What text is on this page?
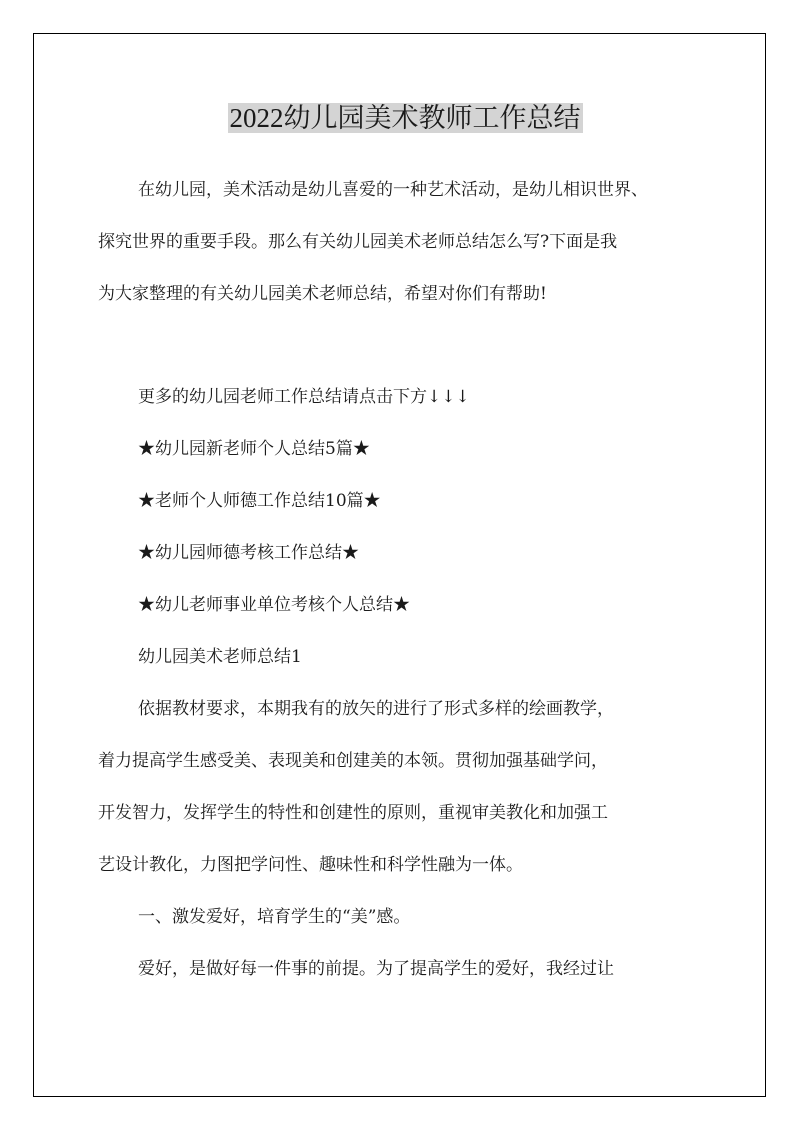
2022幼儿园美术教师工作总结
在幼儿园，美术活动是幼儿喜爱的一种艺术活动，是幼儿相识世界、
探究世界的重要手段。那么有关幼儿园美术老师总结怎么写?下面是我
为大家整理的有关幼儿园美术老师总结，希望对你们有帮助!
更多的幼儿园老师工作总结请点击下方↓↓↓
★幼儿园新老师个人总结5篇★
★老师个人师德工作总结10篇★
★幼儿园师德考核工作总结★
★幼儿老师事业单位考核个人总结★
幼儿园美术老师总结1
依据教材要求，本期我有的放矢的进行了形式多样的绘画教学，
着力提高学生感受美、表现美和创建美的本领。贯彻加强基础学问，
开发智力，发挥学生的特性和创建性的原则，重视审美教化和加强工
艺设计教化，力图把学问性、趣味性和科学性融为一体。
一、激发爱好，培育学生的“美”感。
爱好，是做好每一件事的前提。为了提高学生的爱好，我经过让
